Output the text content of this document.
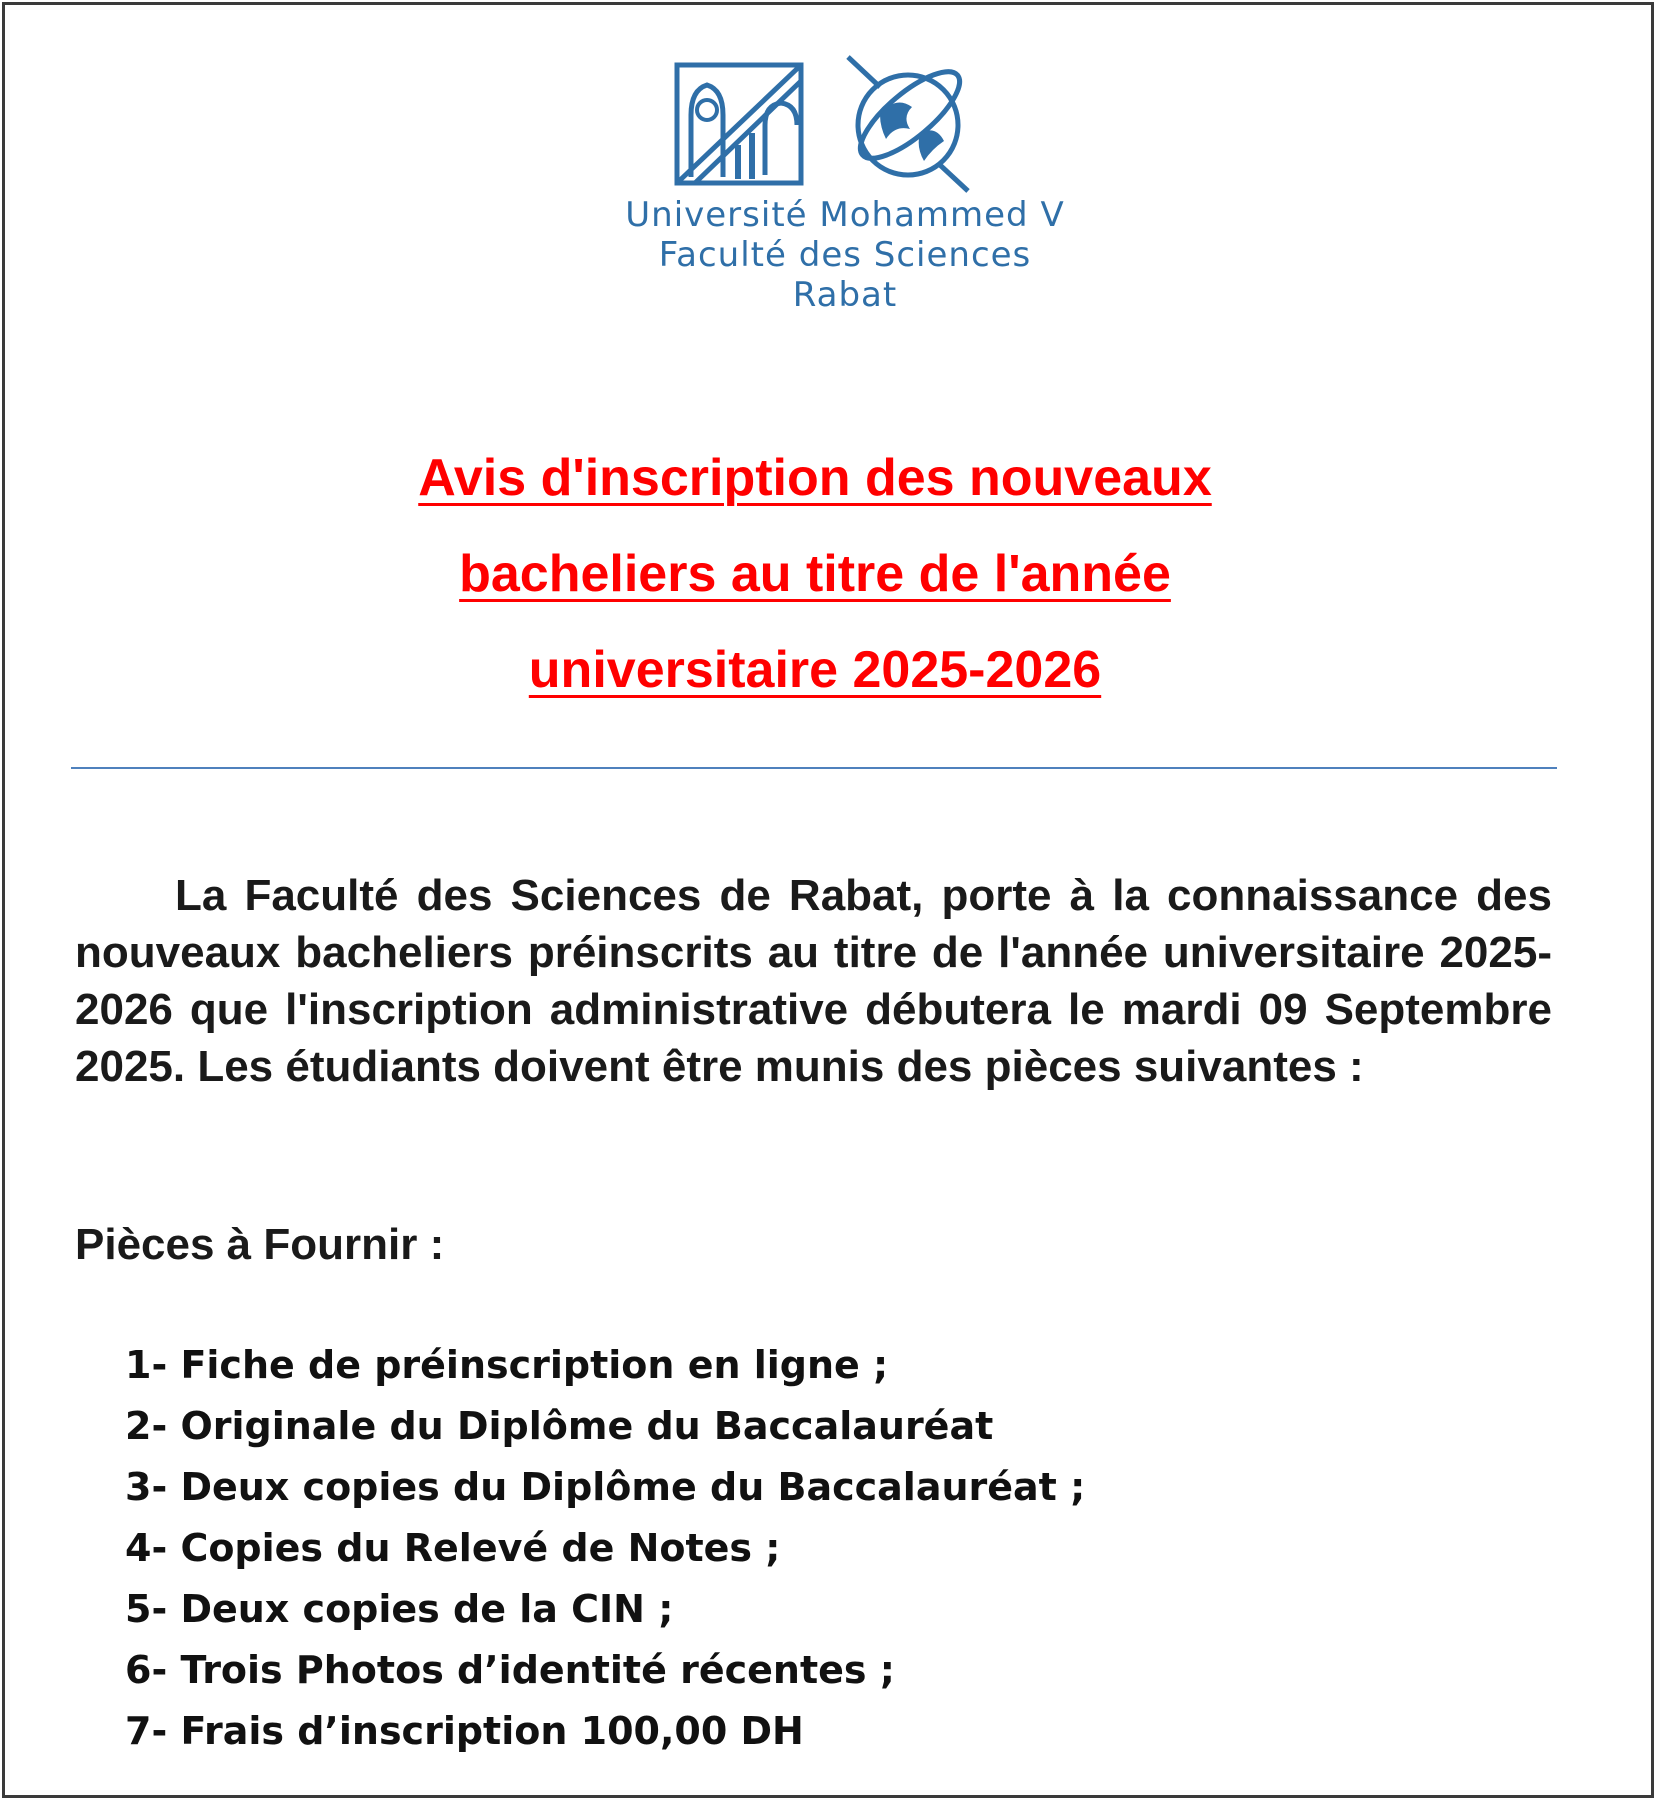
Université Mohammed V
Faculté des Sciences
Rabat
Avis d'inscription des nouveaux
bacheliers au titre de l'année
universitaire 2025-2026
La Faculté des Sciences de Rabat, porte à la connaissance des nouveaux bacheliers préinscrits au titre de l'année universitaire 2025-2026 que l'inscription administrative débutera le mardi 09 Septembre 2025. Les étudiants doivent être munis des pièces suivantes :
Pièces à Fournir :
1- Fiche de préinscription en ligne ;
2- Originale du Diplôme du Baccalauréat
3- Deux copies du Diplôme du Baccalauréat ;
4- Copies du Relevé de Notes ;
5- Deux copies de la CIN ;
6- Trois Photos d’identité récentes ;
7- Frais d’inscription 100,00 DH
